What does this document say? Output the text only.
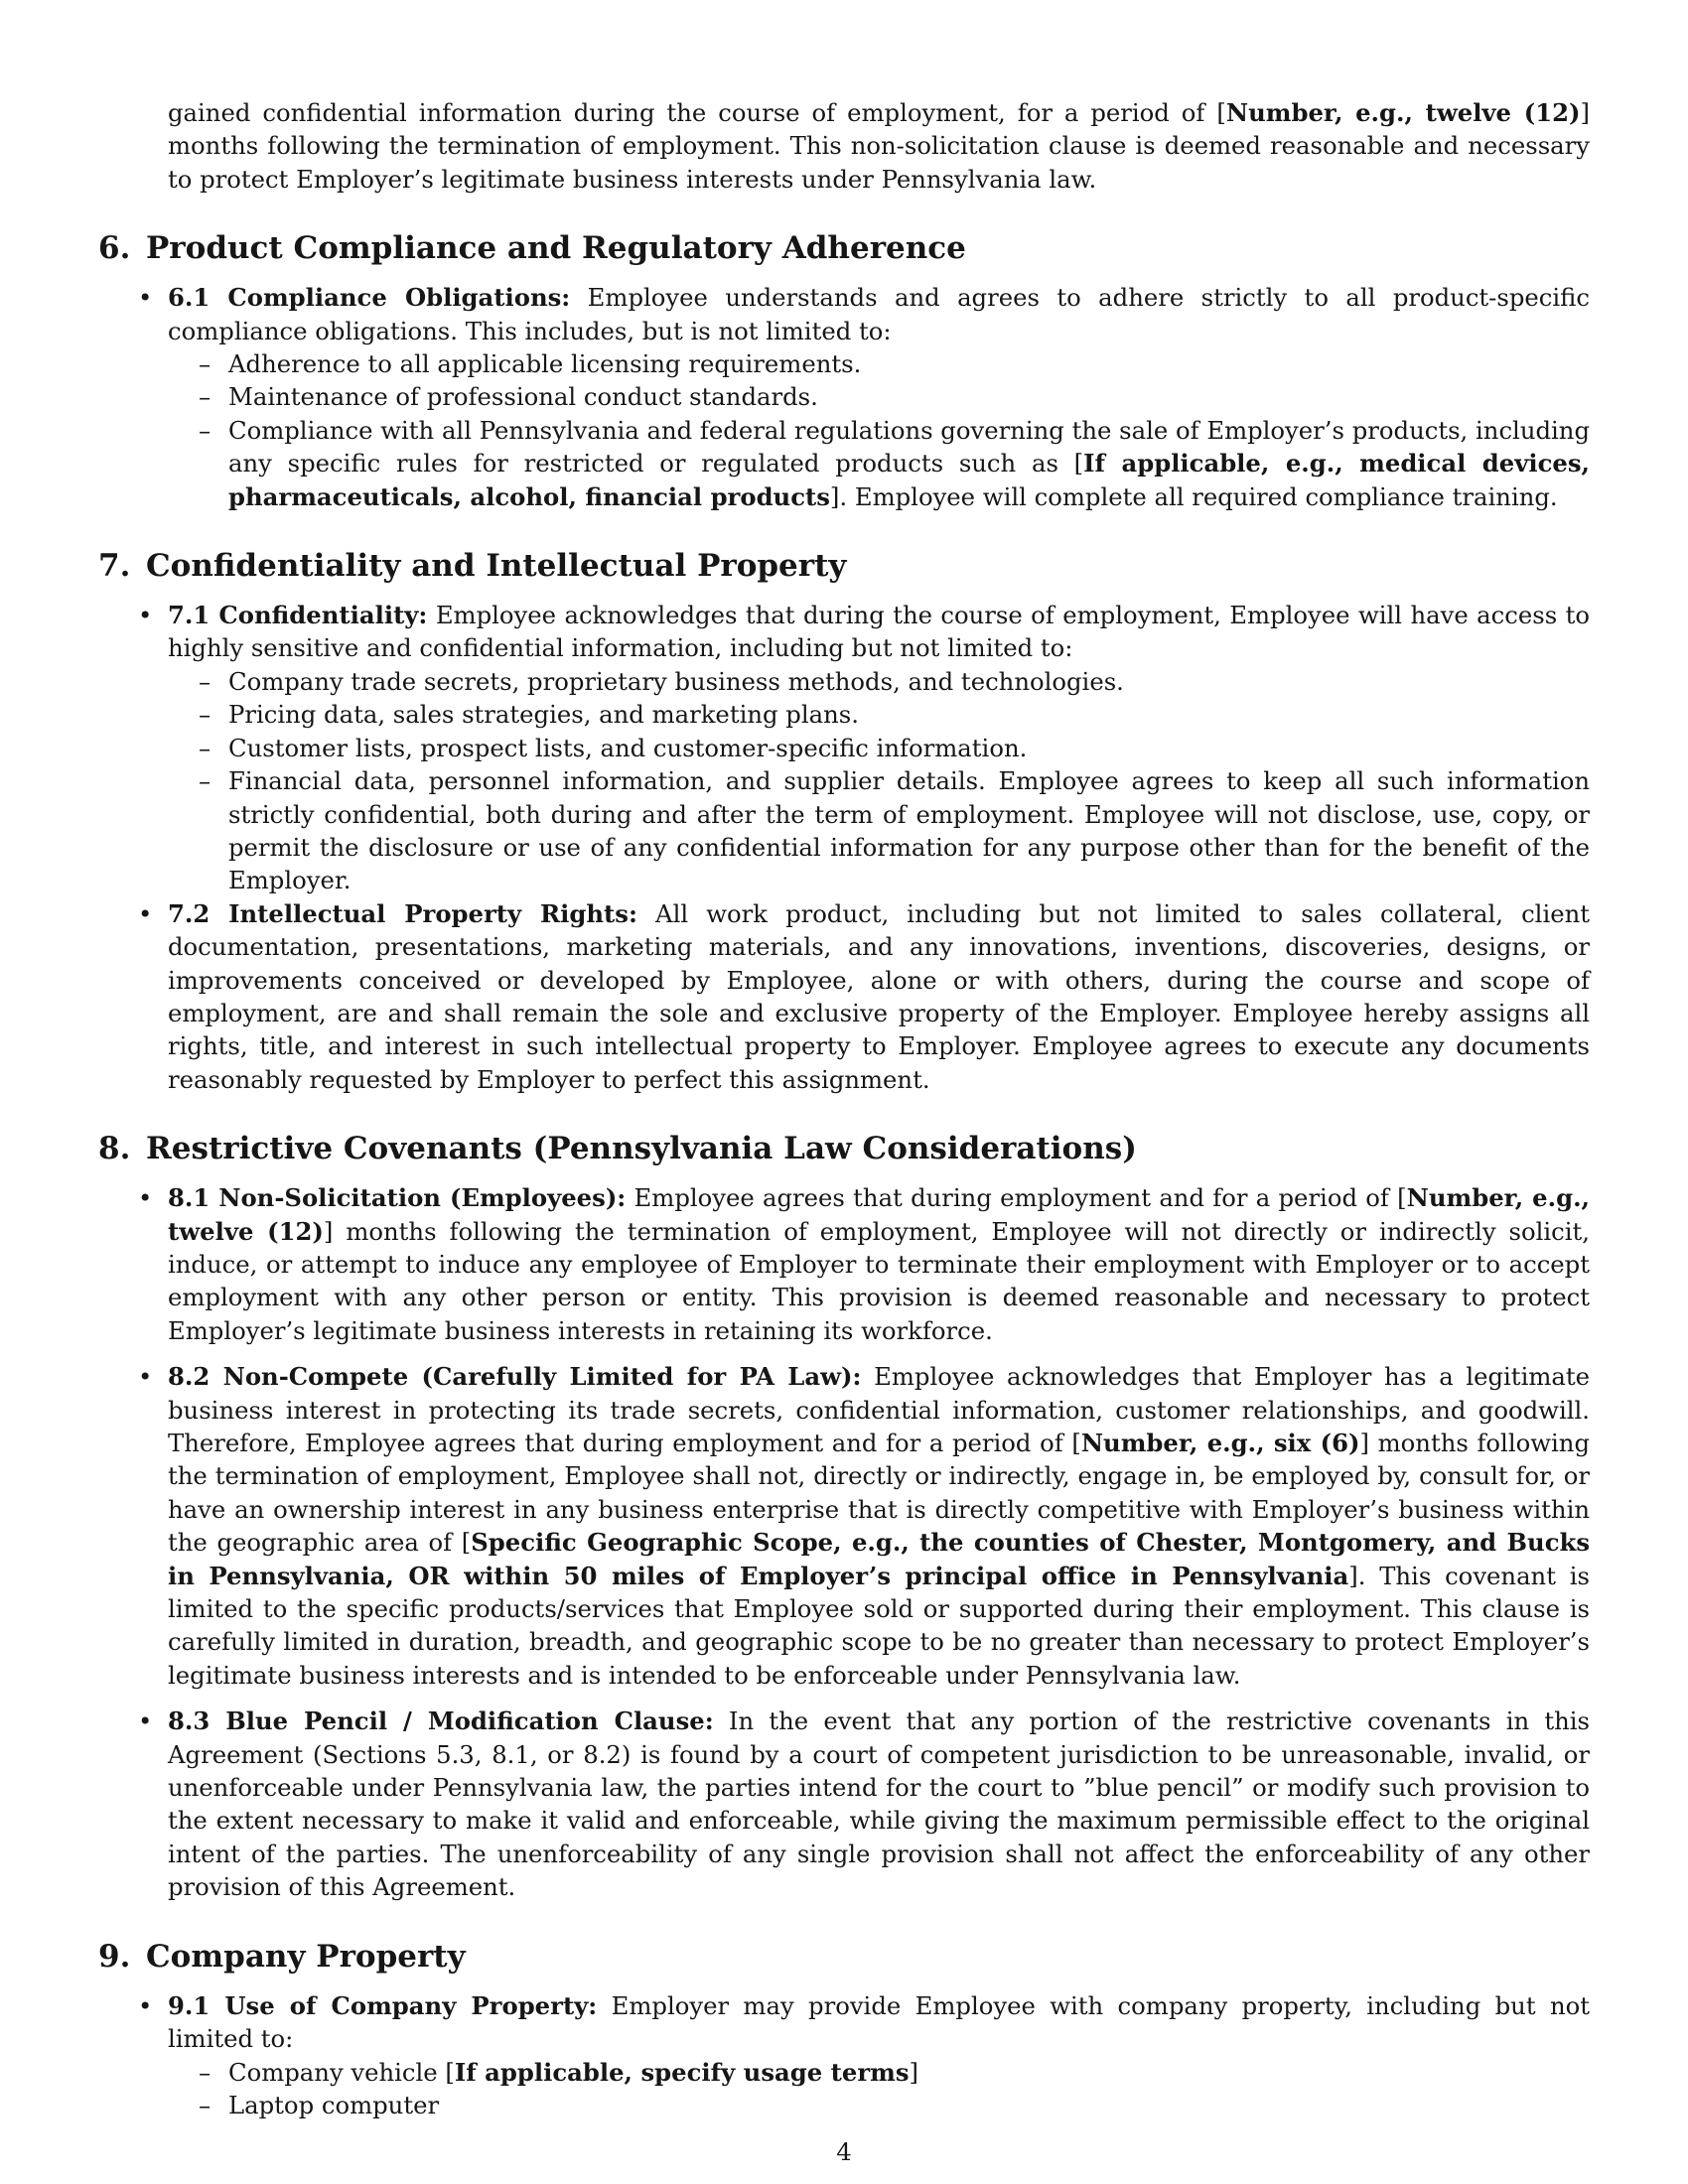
gained confidential information during the course of employment, for a period of [Number, e.g., twelve (12)] months following the termination of employment. This non-solicitation clause is deemed reasonable and necessary to protect Employer’s legitimate business interests under Pennsylvania law.

6. Product Compliance and Regulatory Adherence
• 6.1 Compliance Obligations: Employee understands and agrees to adhere strictly to all product-specific compliance obligations. This includes, but is not limited to:
– Adherence to all applicable licensing requirements.
– Maintenance of professional conduct standards.
– Compliance with all Pennsylvania and federal regulations governing the sale of Employer’s products, including any specific rules for restricted or regulated products such as [If applicable, e.g., medical devices, pharmaceuticals, alcohol, financial products]. Employee will complete all required compliance training.
7. Confidentiality and Intellectual Property
• 7.1 Confidentiality: Employee acknowledges that during the course of employment, Employee will have access to highly sensitive and confidential information, including but not limited to:
– Company trade secrets, proprietary business methods, and technologies.
– Pricing data, sales strategies, and marketing plans.
– Customer lists, prospect lists, and customer-specific information.
– Financial data, personnel information, and supplier details. Employee agrees to keep all such information strictly confidential, both during and after the term of employment. Employee will not disclose, use, copy, or permit the disclosure or use of any confidential information for any purpose other than for the benefit of the Employer.
• 7.2 Intellectual Property Rights: All work product, including but not limited to sales collateral, client documentation, presentations, marketing materials, and any innovations, inventions, discoveries, designs, or improvements conceived or developed by Employee, alone or with others, during the course and scope of employment, are and shall remain the sole and exclusive property of the Employer. Employee hereby assigns all rights, title, and interest in such intellectual property to Employer. Employee agrees to execute any documents reasonably requested by Employer to perfect this assignment.
8. Restrictive Covenants (Pennsylvania Law Considerations)
• 8.1 Non-Solicitation (Employees): Employee agrees that during employment and for a period of [Number, e.g., twelve (12)] months following the termination of employment, Employee will not directly or indirectly solicit, induce, or attempt to induce any employee of Employer to terminate their employment with Employer or to accept employment with any other person or entity. This provision is deemed reasonable and necessary to protect Employer’s legitimate business interests in retaining its workforce.
• 8.2 Non-Compete (Carefully Limited for PA Law): Employee acknowledges that Employer has a legitimate business interest in protecting its trade secrets, confidential information, customer relationships, and goodwill. Therefore, Employee agrees that during employment and for a period of [Number, e.g., six (6)] months following the termination of employment, Employee shall not, directly or indirectly, engage in, be employed by, consult for, or have an ownership interest in any business enterprise that is directly competitive with Employer’s business within the geographic area of [Specific Geographic Scope, e.g., the counties of Chester, Montgomery, and Bucks in Pennsylvania, OR within 50 miles of Employer’s principal office in Pennsylvania]. This covenant is limited to the specific products/services that Employee sold or supported during their employment. This clause is carefully limited in duration, breadth, and geographic scope to be no greater than necessary to protect Employer’s legitimate business interests and is intended to be enforceable under Pennsylvania law.
• 8.3 Blue Pencil / Modification Clause: In the event that any portion of the restrictive covenants in this Agreement (Sections 5.3, 8.1, or 8.2) is found by a court of competent jurisdiction to be unreasonable, invalid, or unenforceable under Pennsylvania law, the parties intend for the court to ”blue pencil” or modify such provision to the extent necessary to make it valid and enforceable, while giving the maximum permissible effect to the original intent of the parties. The unenforceability of any single provision shall not affect the enforceability of any other provision of this Agreement.
9. Company Property
• 9.1 Use of Company Property: Employer may provide Employee with company property, including but not limited to:
– Company vehicle [If applicable, specify usage terms]
– Laptop computer
4
